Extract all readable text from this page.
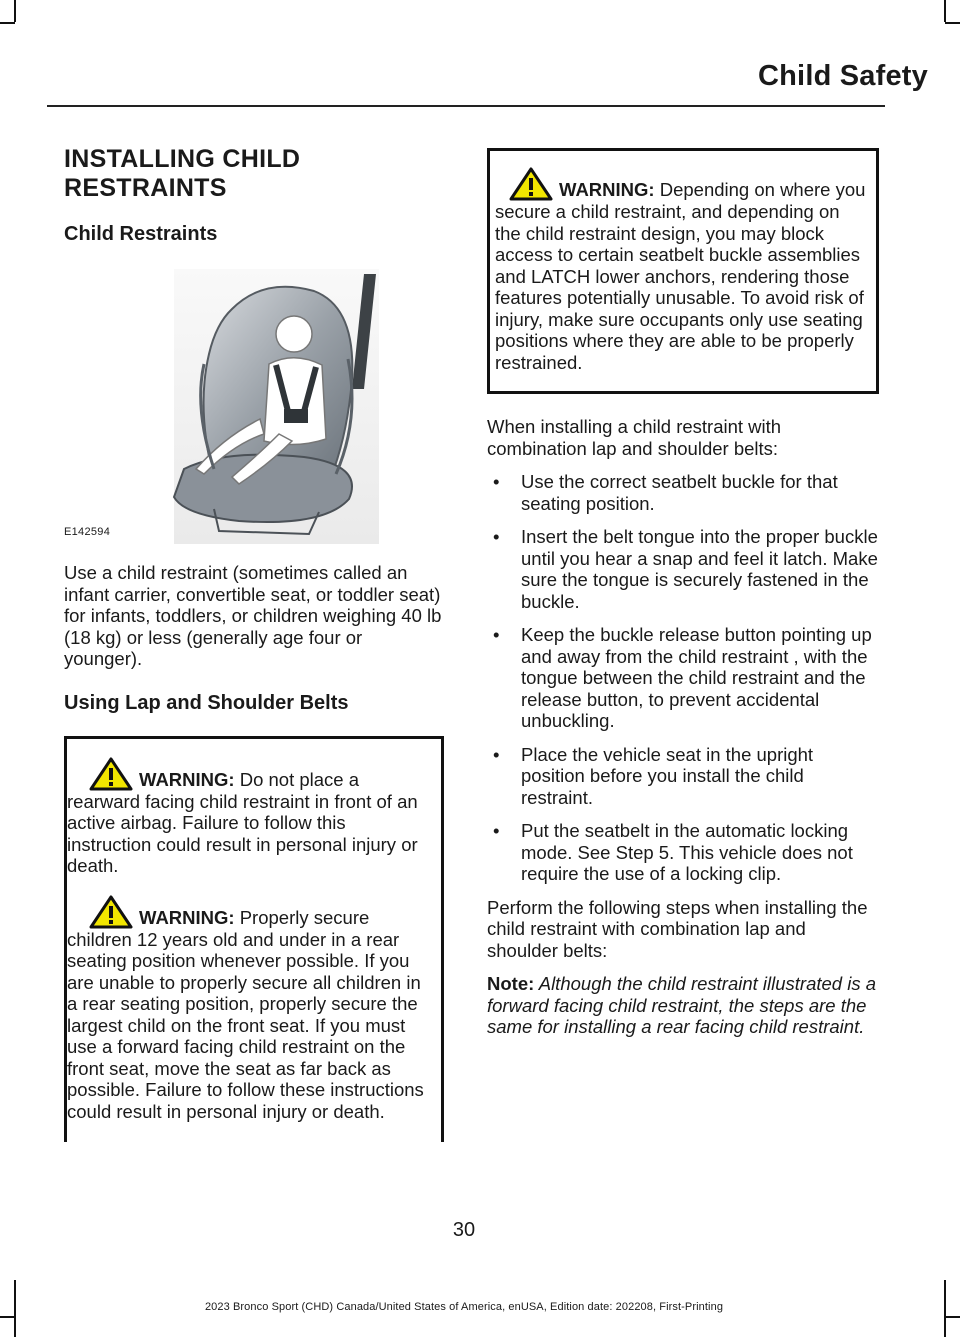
Child Safety
INSTALLING CHILD RESTRAINTS
Child Restraints
E142594

Use a child restraint (sometimes called an infant carrier, convertible seat, or toddler seat) for infants, toddlers, or children weighing 40 lb (18 kg) or less (generally age four or younger).

Using Lap and Shoulder Belts

WARNING: Do not place a rearward facing child restraint in front of an active airbag. Failure to follow this instruction could result in personal injury or death.

WARNING: Properly secure children 12 years old and under in a rear seating position whenever possible. If you are unable to properly secure all children in a rear seating position, properly secure the largest child on the front seat. If you must use a forward facing child restraint on the front seat, move the seat as far back as possible. Failure to follow these instructions could result in personal injury or death.

WARNING: Depending on where you secure a child restraint, and depending on the child restraint design, you may block access to certain seatbelt buckle assemblies and LATCH lower anchors, rendering those features potentially unusable. To avoid risk of injury, make sure occupants only use seating positions where they are able to be properly restrained.

When installing a child restraint with combination lap and shoulder belts:

• Use the correct seatbelt buckle for that seating position.
• Insert the belt tongue into the proper buckle until you hear a snap and feel it latch. Make sure the tongue is securely fastened in the buckle.
• Keep the buckle release button pointing up and away from the child restraint , with the tongue between the child restraint and the release button, to prevent accidental unbuckling.
• Place the vehicle seat in the upright position before you install the child restraint.
• Put the seatbelt in the automatic locking mode. See Step 5. This vehicle does not require the use of a locking clip.

Perform the following steps when installing the child restraint with combination lap and shoulder belts:

Note: Although the child restraint illustrated is a forward facing child restraint, the steps are the same for installing a rear facing child restraint.

30
2023 Bronco Sport (CHD) Canada/United States of America, enUSA, Edition date: 202208, First-Printing
